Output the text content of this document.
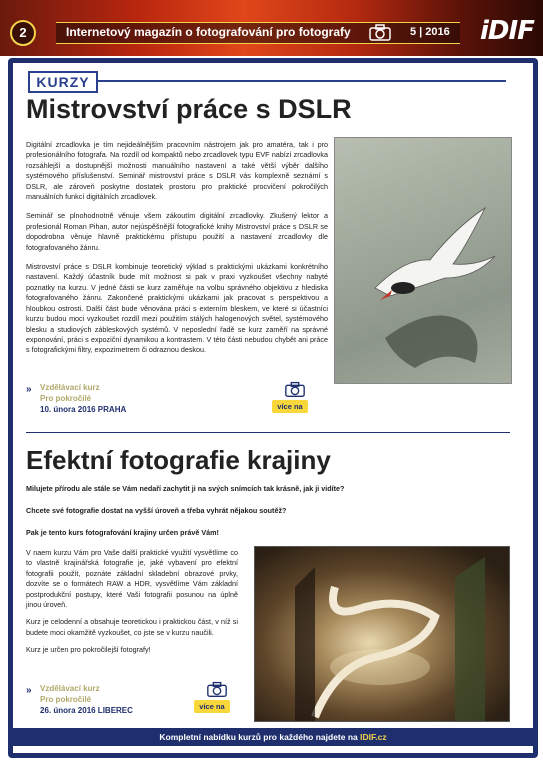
2	Internetový magazín o fotografování pro fotografy	5 | 2016 iDIF
KURZY
Mistrovství práce s DSLR

Digitální zrcadlovka je tím nejideálnějším pracovním nástrojem jak pro amatéra, tak i pro profesionálního fotografa. Na rozdíl od kompaktů nebo zrcadlovek typu EVF nabízí zrcadlovka rozsáhlejší a dostupnější možnosti manuálního nastavení a také větší výběr dalšího systémového příslušenství. Seminář mistrovství práce s DSLR vás komplexně seznámí s DSLR, ale zároveň poskytne dostatek prostoru pro praktické procvičení pokročilých manuálních funkcí digitálních zrcadlovek.

Seminář se plnohodnotně věnuje všem zákoutím digitální zrcadlovky. Zkušený lektor a profesionál Roman Pihan, autor nejúspěšnější fotografické knihy Mistrovství práce s DSLR se dopodrobna věnuje hlavně praktickému přístupu použití a nastavení zrcadlovky dle fotografovaného žánru.

Mistrovství práce s DSLR kombinuje teoretický výklad s praktickými ukázkami konkrétního nastavení. Každý účastník bude mít možnost si pak v praxi vyzkoušet všechny nabyté poznatky na kurzu. V jedné části se kurz zaměřuje na volbu správného objektivu z hlediska fotografovaného žánru. Zakončené praktickými ukázkami jak pracovat s perspektivou a hloubkou ostrosti. Další část bude věnována práci s externím bleskem, ve které si účastníci kurzu budou moci vyzkoušet rozdíl mezi použitím stálých halogenových světel, systémového blesku a studiových zábleskových systémů. V neposlední řadě se kurz zaměří na správné exponování, práci s expoziční dynamikou a kontrastem. V této části nebudou chybět ani práce s fotografickými filtry, expozimetrem či odraznou deskou.

» Vzdělávací kurz
Pro pokročilé
10. února 2016 PRAHA	více na
Efektní fotografie krajiny

Milujete přírodu ale stále se Vám nedaří zachytit ji na svých snímcích tak krásně, jak ji vidíte?

Chcete své fotografie dostat na vyšší úroveň a třeba vyhrát nějakou soutěž?

Pak je tento kurs fotografování krajiny určen právě Vám!

V naem kurzu Vám pro Vaše další praktické využití vysvětlíme co to vlastně krajinářská fotografie je, jaké vybavení pro efektní fotografii použít, poznáte základní skladební obrazové prvky, dozvíte se o formátech RAW a HDR, vysvětlíme Vám základní postprodukční postupy, které Vaši fotografii posunou na úplně jinou úroveň.

Kurz je celodenní a obsahuje teoretickou i praktickou část, v níž si budete moci okamžitě vyzkoušet, co jste se v kurzu naučili.

Kurz je určen pro pokročilejší fotografy!

» Vzdělávací kurz
Pro pokročilé
26. února 2016 LIBEREC	více na
Kompletní nabídku kurzů pro každého najdete na IDIF.cz
